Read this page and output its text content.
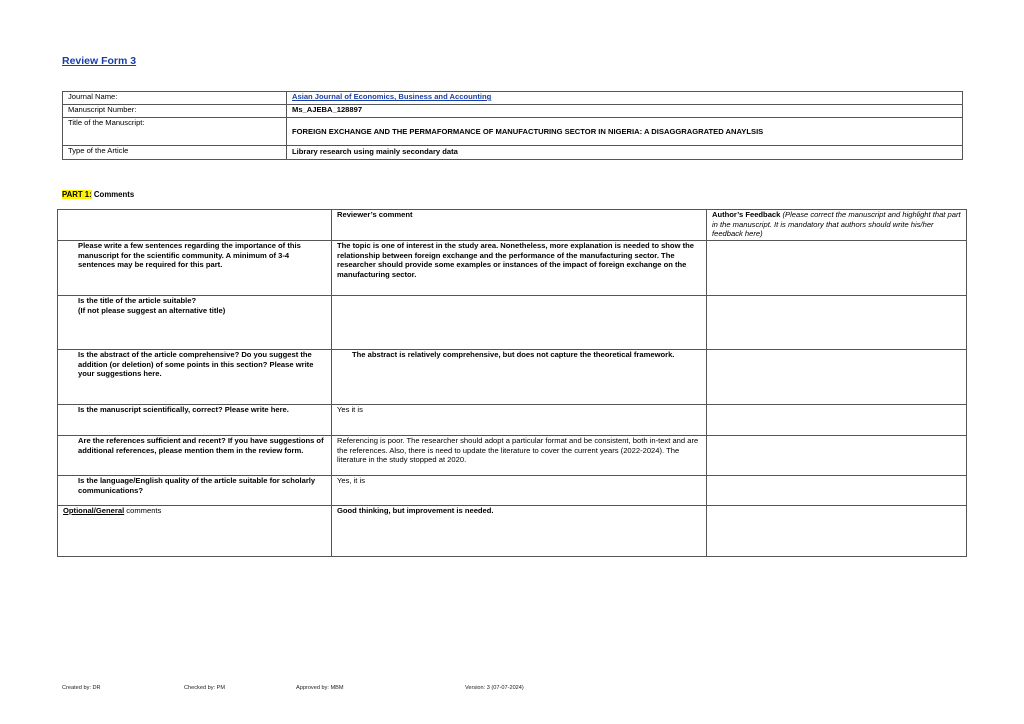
Review Form 3
Journal Name:	Asian Journal of Economics, Business and Accounting
Manuscript Number:	Ms_AJEBA_128897
Title of the Manuscript:	FOREIGN EXCHANGE AND THE PERMAFORMANCE OF MANUFACTURING SECTOR IN NIGERIA: A DISAGGRAGRATED ANAYLSIS

Type of the Article	Library research using mainly secondary data
PART 1: Comments
	Reviewer’s comment	Author’s Feedback (Please correct the manuscript and highlight that part in the manuscript. It is mandatory that authors should write his/her feedback here)
Please write a few sentences regarding the importance of this manuscript for the scientific community. A minimum of 3-4 sentences may be required for this part.	The topic is one of interest in the study area. Nonetheless, more explanation is needed to show the relationship between foreign exchange and the performance of the manufacturing sector. The researcher should provide some examples or instances of the impact of foreign exchange on the manufacturing sector.	

Is the title of the article suitable?
(If not please suggest an alternative title)		

Is the abstract of the article comprehensive? Do you suggest the addition (or deletion) of some points in this section? Please write your suggestions here.	The abstract is relatively comprehensive, but does not capture the theoretical framework.	
Is the manuscript scientifically, correct? Please write here.	Yes it is	
Are the references sufficient and recent? If you have suggestions of additional references, please mention them in the review form.	Referencing is poor. The researcher should adopt a particular format and be consistent, both in-text and are the references. Also, there is need to update the literature to cover the current years (2022-2024). The literature in the study stopped at 2020.	
Is the language/English quality of the article suitable for scholarly communications?	Yes, it is	
Optional/General comments	Good thinking, but improvement is needed.	
Created by: DR	Checked by: PM	Approved by: MBM	Version: 3 (07-07-2024)
